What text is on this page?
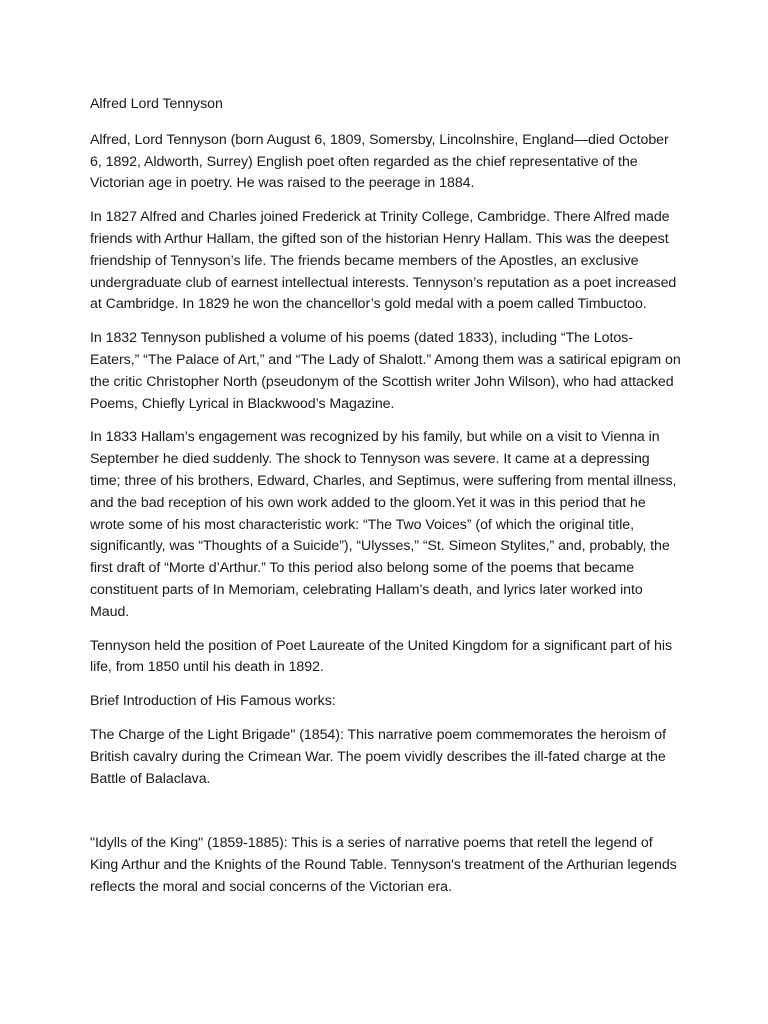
Alfred Lord Tennyson

Alfred, Lord Tennyson (born August 6, 1809, Somersby, Lincolnshire, England—died October 6, 1892, Aldworth, Surrey) English poet often regarded as the chief representative of the Victorian age in poetry. He was raised to the peerage in 1884.

In 1827 Alfred and Charles joined Frederick at Trinity College, Cambridge. There Alfred made friends with Arthur Hallam, the gifted son of the historian Henry Hallam. This was the deepest friendship of Tennyson’s life. The friends became members of the Apostles, an exclusive undergraduate club of earnest intellectual interests. Tennyson’s reputation as a poet increased at Cambridge. In 1829 he won the chancellor’s gold medal with a poem called Timbuctoo.

In 1832 Tennyson published a volume of his poems (dated 1833), including “The Lotos-Eaters,” “The Palace of Art,” and “The Lady of Shalott.” Among them was a satirical epigram on the critic Christopher North (pseudonym of the Scottish writer John Wilson), who had attacked Poems, Chiefly Lyrical in Blackwood’s Magazine.

In 1833 Hallam’s engagement was recognized by his family, but while on a visit to Vienna in September he died suddenly. The shock to Tennyson was severe. It came at a depressing time; three of his brothers, Edward, Charles, and Septimus, were suffering from mental illness, and the bad reception of his own work added to the gloom.Yet it was in this period that he wrote some of his most characteristic work: “The Two Voices” (of which the original title, significantly, was “Thoughts of a Suicide”), “Ulysses,” “St. Simeon Stylites,” and, probably, the first draft of “Morte d’Arthur.” To this period also belong some of the poems that became constituent parts of In Memoriam, celebrating Hallam’s death, and lyrics later worked into Maud.

Tennyson held the position of Poet Laureate of the United Kingdom for a significant part of his life, from 1850 until his death in 1892.

Brief Introduction of His Famous works:

The Charge of the Light Brigade" (1854): This narrative poem commemorates the heroism of British cavalry during the Crimean War. The poem vividly describes the ill-fated charge at the Battle of Balaclava.

"Idylls of the King" (1859-1885): This is a series of narrative poems that retell the legend of King Arthur and the Knights of the Round Table. Tennyson's treatment of the Arthurian legends reflects the moral and social concerns of the Victorian era.
